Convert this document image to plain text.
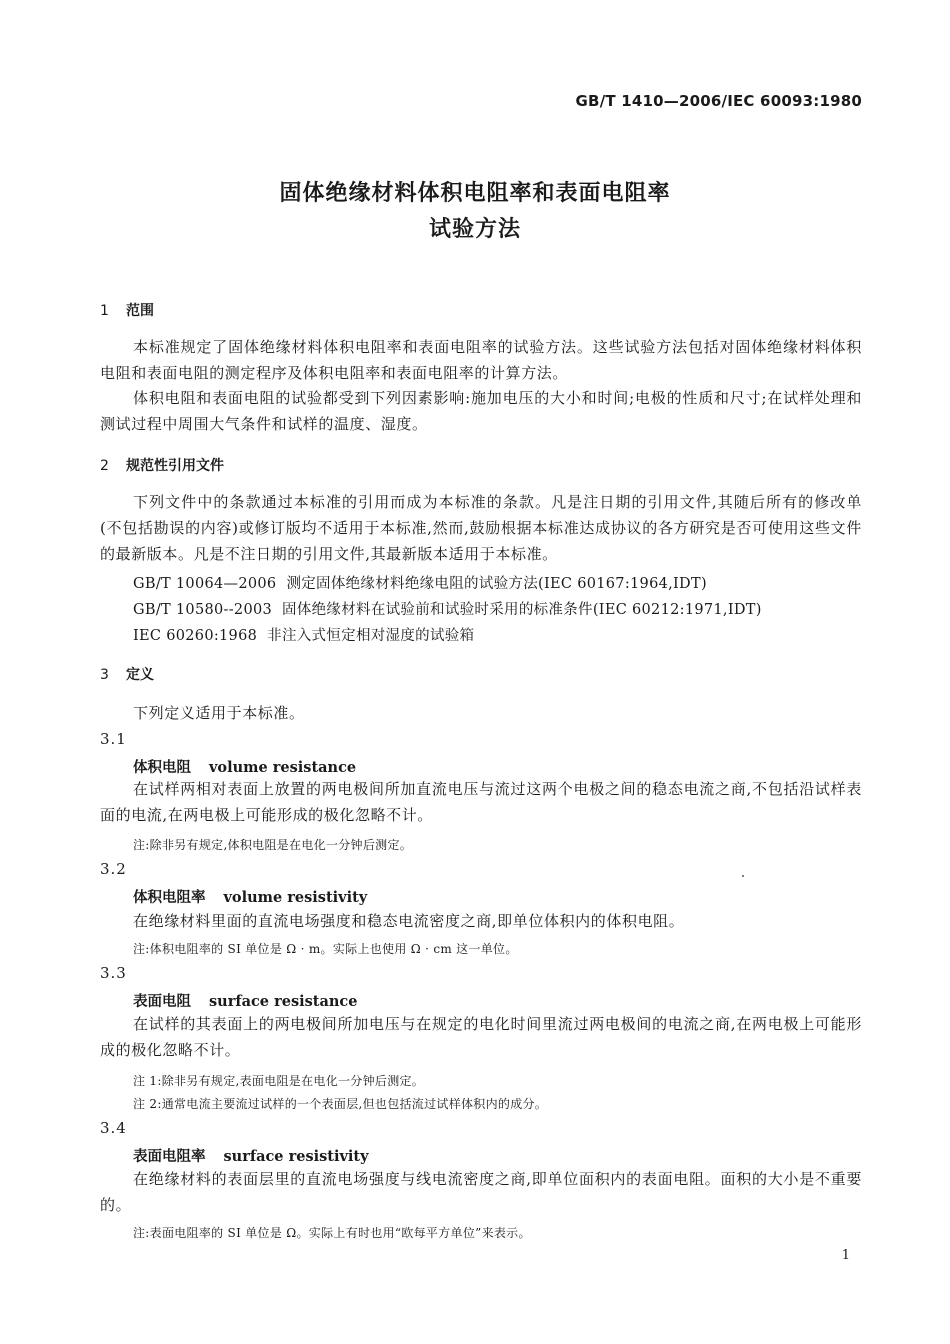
GB/T 1410—2006/IEC 60093:1980
固体绝缘材料体积电阻率和表面电阻率
试验方法
1 范围
本标准规定了固体绝缘材料体积电阻率和表面电阻率的试验方法。这些试验方法包括对固体绝缘材料体积电阻和表面电阻的测定程序及体积电阻率和表面电阻率的计算方法。
体积电阻和表面电阻的试验都受到下列因素影响:施加电压的大小和时间;电极的性质和尺寸;在试样处理和测试过程中周围大气条件和试样的温度、湿度。
2 规范性引用文件
下列文件中的条款通过本标准的引用而成为本标准的条款。凡是注日期的引用文件,其随后所有的修改单(不包括勘误的内容)或修订版均不适用于本标准,然而,鼓励根据本标准达成协议的各方研究是否可使用这些文件的最新版本。凡是不注日期的引用文件,其最新版本适用于本标准。
GB/T 10064—2006 测定固体绝缘材料绝缘电阻的试验方法(IEC 60167:1964,IDT)
GB/T 10580--2003 固体绝缘材料在试验前和试验时采用的标准条件(IEC 60212:1971,IDT)
IEC 60260:1968 非注入式恒定相对湿度的试验箱
3 定义
下列定义适用于本标准。
3.1
体积电阻 volume resistance
在试样两相对表面上放置的两电极间所加直流电压与流过这两个电极之间的稳态电流之商,不包括沿试样表面的电流,在两电极上可能形成的极化忽略不计。
注:除非另有规定,体积电阻是在电化一分钟后测定。
3.2
体积电阻率 volume resistivity
在绝缘材料里面的直流电场强度和稳态电流密度之商,即单位体积内的体积电阻。
注:体积电阻率的 SI 单位是 Ω · m。实际上也使用 Ω · cm 这一单位。
3.3
表面电阻 surface resistance
在试样的其表面上的两电极间所加电压与在规定的电化时间里流过两电极间的电流之商,在两电极上可能形成的极化忽略不计。
注 1:除非另有规定,表面电阻是在电化一分钟后测定。
注 2:通常电流主要流过试样的一个表面层,但也包括流过试样体积内的成分。
3.4
表面电阻率 surface resistivity
在绝缘材料的表面层里的直流电场强度与线电流密度之商,即单位面积内的表面电阻。面积的大小是不重要的。
注:表面电阻率的 SI 单位是 Ω。实际上有时也用“欧每平方单位”来表示。
1
